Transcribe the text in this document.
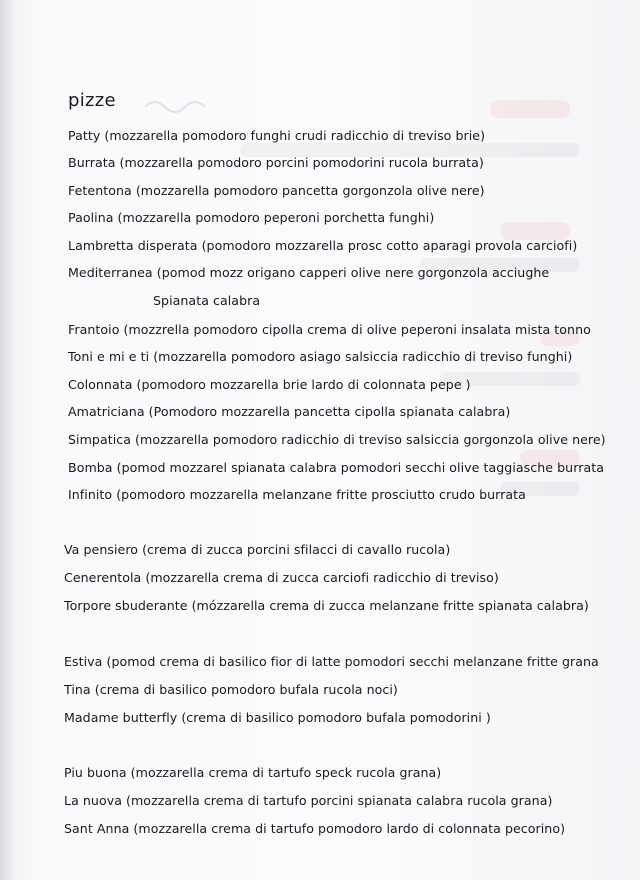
pizze
Patty (mozzarella pomodoro funghi crudi radicchio di treviso brie)
Burrata (mozzarella pomodoro porcini pomodorini rucola burrata)
Fetentona (mozzarella pomodoro pancetta gorgonzola olive nere)
Paolina (mozzarella pomodoro peperoni porchetta funghi)
Lambretta disperata (pomodoro mozzarella prosc cotto aparagi provola carciofi)
Mediterranea (pomod mozz origano capperi olive nere gorgonzola acciughe
Spianata calabra
Frantoio (mozzrella pomodoro cipolla crema di olive peperoni insalata mista tonno
Toni e mi e ti (mozzarella pomodoro asiago salsiccia radicchio di treviso funghi)
Colonnata (pomodoro mozzarella brie lardo di colonnata pepe )
Amatriciana (Pomodoro mozzarella pancetta cipolla spianata calabra)
Simpatica (mozzarella pomodoro radicchio di treviso salsiccia gorgonzola olive nere)
Bomba (pomod mozzarel spianata calabra pomodori secchi olive taggiasche burrata
Infinito (pomodoro mozzarella melanzane fritte prosciutto crudo burrata
Va pensiero (crema di zucca porcini sfilacci di cavallo rucola)
Cenerentola (mozzarella crema di zucca carciofi radicchio di treviso)
Torpore sbuderante (mózzarella crema di zucca melanzane fritte spianata calabra)
Estiva (pomod crema di basilico fior di latte pomodori secchi melanzane fritte grana
Tina (crema di basilico pomodoro bufala rucola noci)
Madame butterfly (crema di basilico pomodoro bufala pomodorini )
Piu buona (mozzarella crema di tartufo speck rucola grana)
La nuova (mozzarella crema di tartufo porcini spianata calabra rucola grana)
Sant Anna (mozzarella crema di tartufo pomodoro lardo di colonnata pecorino)
